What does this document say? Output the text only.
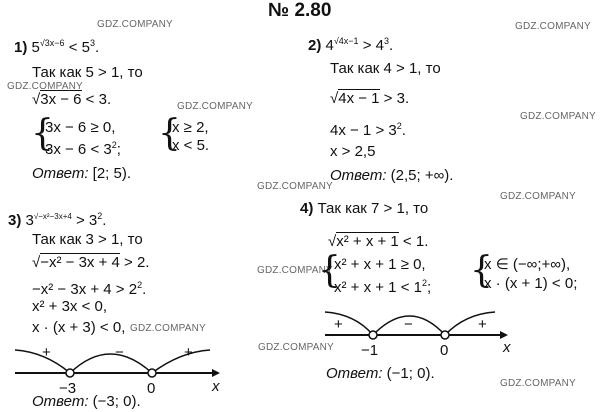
GDZ.COMPANY	GDZ.COMPANY
GDZ.COMPANY
GDZ.COMPANY
GDZ.COMPANY
GDZ.COMPANY
GDZ.COMPANY
GDZ.COMPANY
GDZ.COMPANY
GDZ.COMPANY
GDZ.COMPANY
№ 2.80
1) $5^{√3x-6} < 5^3$.
Так как 5 > 1, то
√3x − 6 < 3.
{
3x − 6 ≥ 0,
$3x - 6 < 3^2$; {
x ≥ 2,
x < 5.
Ответ: [2; 5).
2) $4^{√4x-1} > 4^3$.
Так как 4 > 1, то
√4x − 1 > 3.
$4x - 1 > 3^2$.
x > 2,5
Ответ: (2,5; +∞).
3) $3^{√-x^2-3x+4} > 3^2$.
Так как 3 > 1, то
√−x² − 3x + 4 > 2.
$-x^2 - 3x + 4 > 2^2$.
x² + 3x < 0,
x · (x + 3) < 0,
+	−	+
−3	0	x
Ответ: (−3; 0).
4) Так как 7 > 1, то
√x² + x + 1 < 1.
{
x² + x + 1 ≥ 0,
$x^2 + x + 1 < 1^2$; {
x ∈ (−∞;+∞),
x · (x + 1) < 0;
+	−	+
−1	0	x
Ответ: (−1; 0).
